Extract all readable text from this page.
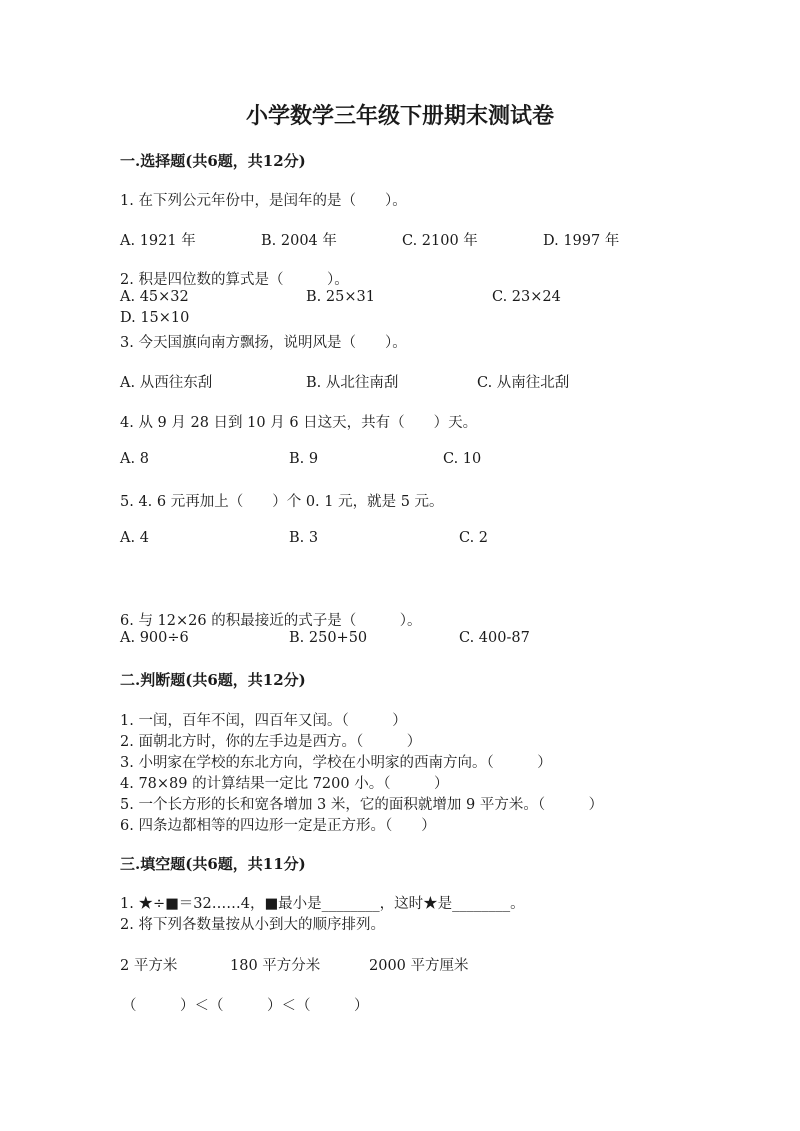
小学数学三年级下册期末测试卷
一.选择题(共6题，共12分)
1. 在下列公元年份中，是闰年的是（　　）。
A. 1921 年	B. 2004 年	C. 2100 年	D. 1997 年
2. 积是四位数的算式是（　　　）。
A. 45×32	B. 25×31	C. 23×24
D. 15×10
3. 今天国旗向南方飘扬，说明风是（　　）。
A. 从西往东刮	B. 从北往南刮	C. 从南往北刮
4. 从 9 月 28 日到 10 月 6 日这天，共有（　　）天。
A. 8	B. 9	C. 10
5. 4. 6 元再加上（　　）个 0. 1 元，就是 5 元。
A. 4	B. 3	C. 2
6. 与 12×26 的积最接近的式子是（　　　）。
A. 900÷6	B. 250+50	C. 400-87
二.判断题(共6题，共12分)
1. 一闰，百年不闰，四百年又闰。（　　　）
2. 面朝北方时，你的左手边是西方。（　　　）
3. 小明家在学校的东北方向，学校在小明家的西南方向。（　　　）
4. 78×89 的计算结果一定比 7200 小。（　　　）
5. 一个长方形的长和宽各增加 3 米，它的面积就增加 9 平方米。（　　　）
6. 四条边都相等的四边形一定是正方形。（　　）
三.填空题(共6题，共11分)
1. ★÷■＝32……4，■最小是________，这时★是________。
2. 将下列各数量按从小到大的顺序排列。
2 平方米	180 平方分米	2000 平方厘米
（　　　）＜（　　　）＜（　　　）
